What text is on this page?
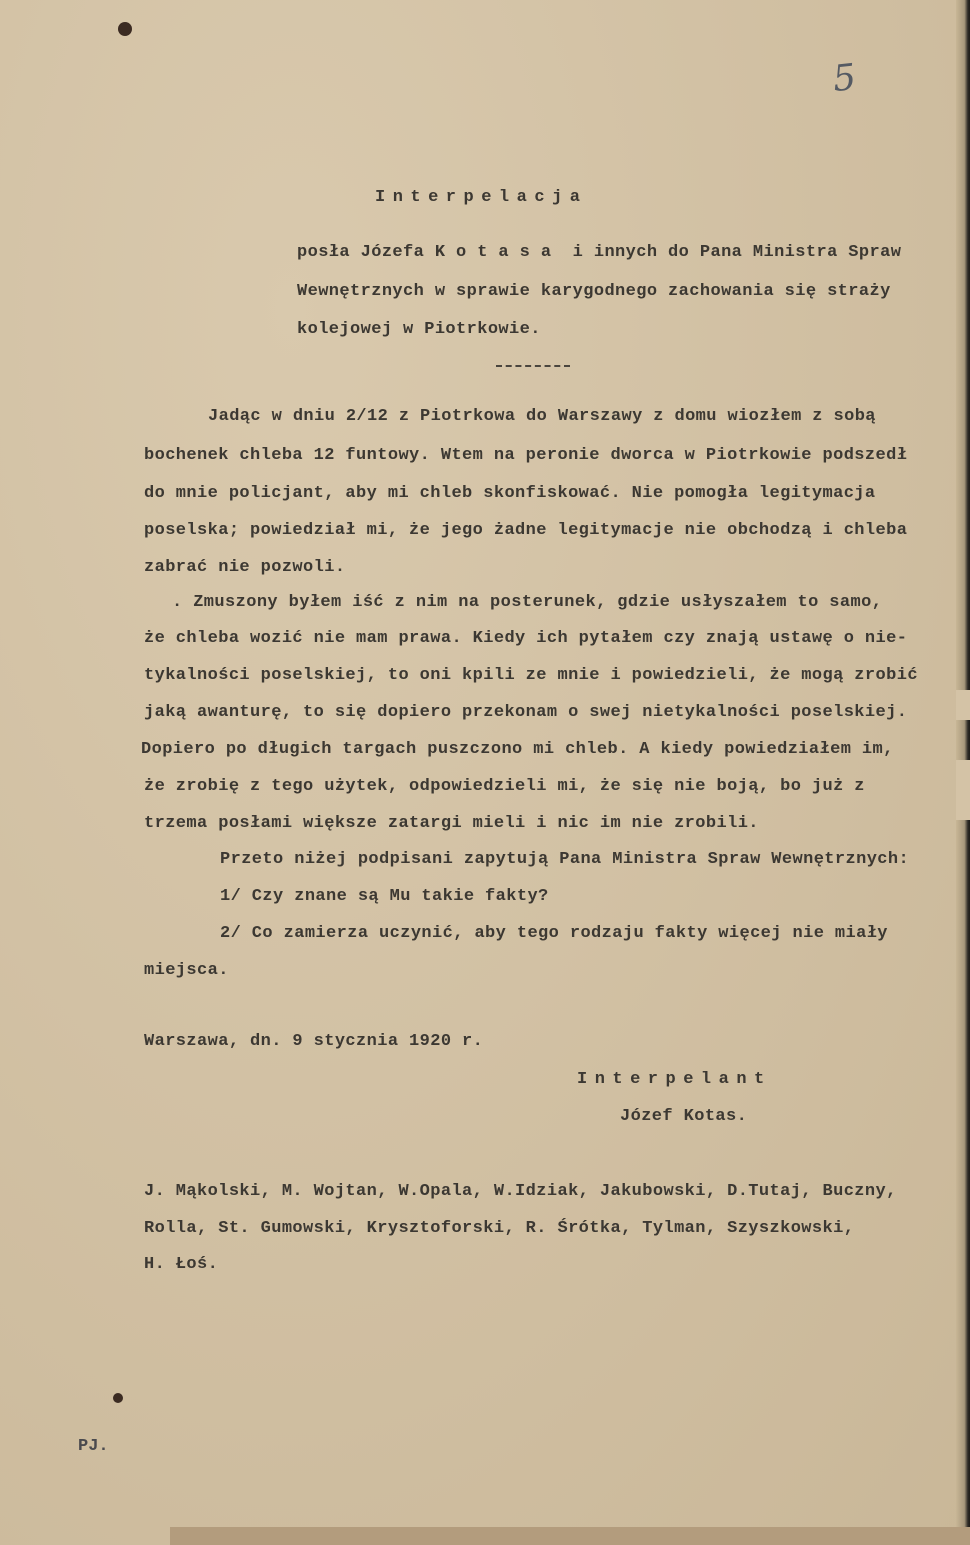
5
Interpelacja
posła Józefa K o t a s a  i innych do Pana Ministra Spraw
Wewnętrznych w sprawie karygodnego zachowania się straży
kolejowej w Piotrkowie.
Jadąc w dniu 2/12 z Piotrkowa do Warszawy z domu wiozłem z sobą
bochenek chleba 12 funtowy. Wtem na peronie dworca w Piotrkowie podszedł
do mnie policjant, aby mi chleb skonfiskować. Nie pomogła legitymacja
poselska; powiedział mi, że jego żadne legitymacje nie obchodzą i chleba
zabrać nie pozwoli.
. Zmuszony byłem iść z nim na posterunek, gdzie usłyszałem to samo,
że chleba wozić nie mam prawa. Kiedy ich pytałem czy znają ustawę o nie-
tykalności poselskiej, to oni kpili ze mnie i powiedzieli, że mogą zrobić
jaką awanturę, to się dopiero przekonam o swej nietykalności poselskiej.
Dopiero po długich targach puszczono mi chleb. A kiedy powiedziałem im,
że zrobię z tego użytek, odpowiedzieli mi, że się nie boją, bo już z
trzema posłami większe zatargi mieli i nic im nie zrobili.
Przeto niżej podpisani zapytują Pana Ministra Spraw Wewnętrznych:
1/ Czy znane są Mu takie fakty?
2/ Co zamierza uczynić, aby tego rodzaju fakty więcej nie miały
miejsca.
Warszawa, dn. 9 stycznia 1920 r.
Interpelant
Józef Kotas.
J. Mąkolski, M. Wojtan, W.Opala, W.Idziak, Jakubowski, D.Tutaj, Buczny,
Rolla, St. Gumowski, Krysztoforski, R. Śrótka, Tylman, Szyszkowski,
H. Łoś.
PJ.
